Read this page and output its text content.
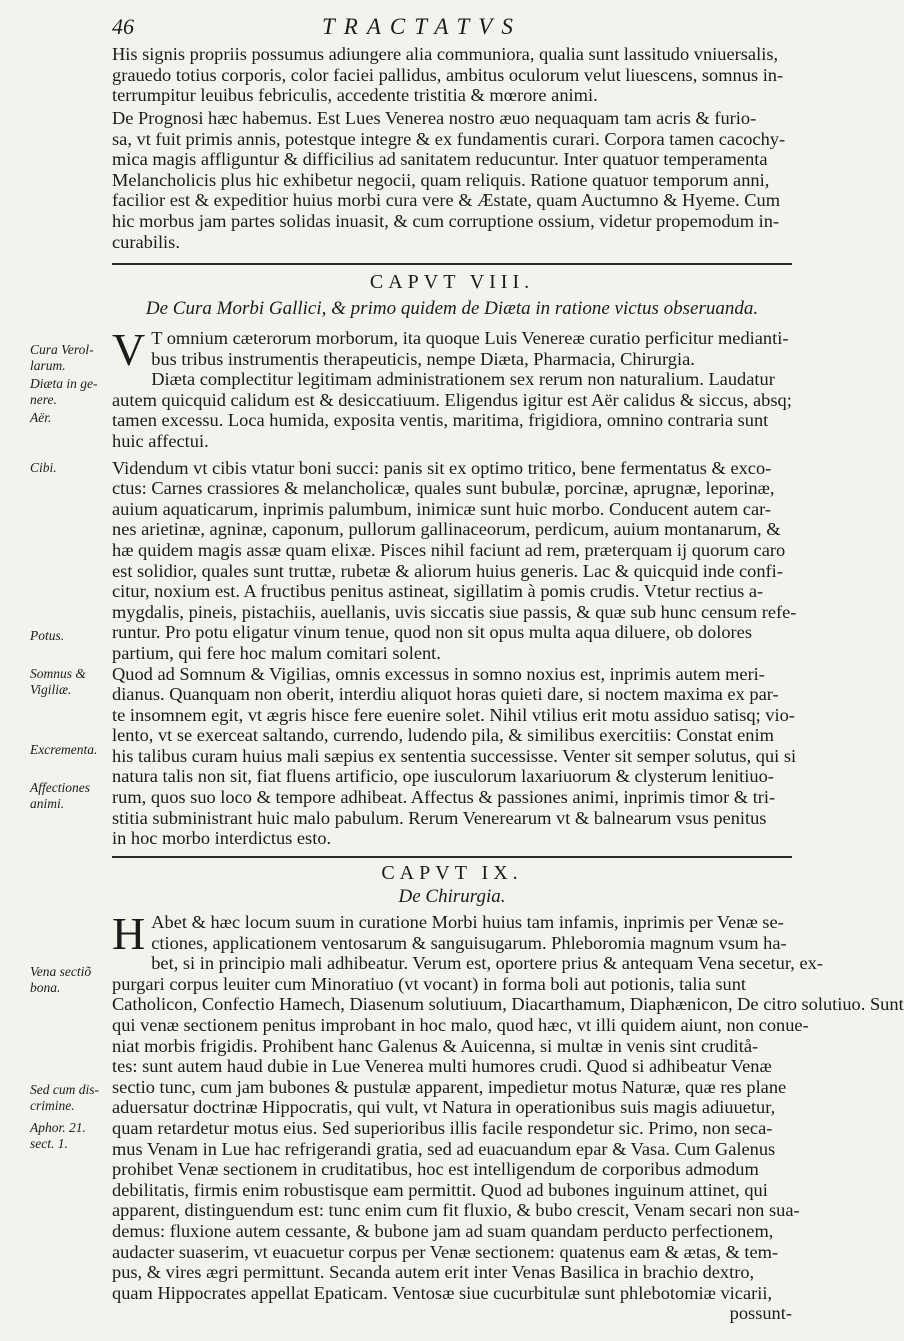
46	TRACTATVS
His signis propriis possumus adiungere alia communiora, qualia sunt lassitudo vniuersalis,
grauedo totius corporis, color faciei pallidus, ambitus oculorum velut liuescens, somnus in-
terrumpitur leuibus febriculis, accedente tristitia & mœrore animi.
De Prognosi hæc habemus. Est Lues Venerea nostro æuo nequaquam tam acris & furio-
sa, vt fuit primis annis, potestque integre & ex fundamentis curari. Corpora tamen cacochy-
mica magis affliguntur & difficilius ad sanitatem reducuntur. Inter quatuor temperamenta
Melancholicis plus hic exhibetur negocii, quam reliquis. Ratione quatuor temporum anni,
facilior est & expeditior huius morbi cura vere & Æstate, quam Auctumno & Hyeme. Cum
hic morbus jam partes solidas inuasit, & cum corruptione ossium, videtur propemodum in-
curabilis.
CAPVT VIII.
De Cura Morbi Gallici, & primo quidem de Diæta in ratione victus obseruanda.
V T omnium cæterorum morborum, ita quoque Luis Venereæ curatio perficitur medianti-
bus tribus instrumentis therapeuticis, nempe Diæta, Pharmacia, Chirurgia.
Diæta complectitur legitimam administrationem sex rerum non naturalium. Laudatur
autem quicquid calidum est & desiccatiuum. Eligendus igitur est Aër calidus & siccus, absq;
tamen excessu. Loca humida, exposita ventis, maritima, frigidiora, omnino contraria sunt
huic affectui.
Videndum vt cibis vtatur boni succi: panis sit ex optimo tritico, bene fermentatus & exco-
ctus: Carnes crassiores & melancholicæ, quales sunt bubulæ, porcinæ, aprugnæ, leporinæ,
auium aquaticarum, inprimis palumbum, inimicæ sunt huic morbo. Conducent autem car-
nes arietinæ, agninæ, caponum, pullorum gallinaceorum, perdicum, auium montanarum, &
hæ quidem magis assæ quam elixæ. Pisces nihil faciunt ad rem, præterquam ij quorum caro
est solidior, quales sunt truttæ, rubetæ & aliorum huius generis. Lac & quicquid inde confi-
citur, noxium est. A fructibus penitus astineat, sigillatim à pomis crudis. Vtetur rectius a-
mygdalis, pineis, pistachiis, auellanis, uvis siccatis siue passis, & quæ sub hunc censum refe-
runtur. Pro potu eligatur vinum tenue, quod non sit opus multa aqua diluere, ob dolores
partium, qui fere hoc malum comitari solent.
Quod ad Somnum & Vigilias, omnis excessus in somno noxius est, inprimis autem meri-
dianus. Quanquam non oberit, interdiu aliquot horas quieti dare, si noctem maxima ex par-
te insomnem egit, vt ægris hisce fere euenire solet. Nihil vtilius erit motu assiduo satisq; vio-
lento, vt se exerceat saltando, currendo, ludendo pila, & similibus exercitiis: Constat enim
his talibus curam huius mali sæpius ex sententia successisse. Venter sit semper solutus, qui si
natura talis non sit, fiat fluens artificio, ope iusculorum laxariuorum & clysterum lenitiuo-
rum, quos suo loco & tempore adhibeat. Affectus & passiones animi, inprimis timor & tri-
stitia subministrant huic malo pabulum. Rerum Venerearum vt & balnearum vsus penitus
in hoc morbo interdictus esto.
CAPVT IX.
De Chirurgia.
H Abet & hæc locum suum in curatione Morbi huius tam infamis, inprimis per Venæ se-
ctiones, applicationem ventosarum & sanguisugarum. Phleboromia magnum vsum ha-
bet, si in principio mali adhibeatur. Verum est, oportere prius & antequam Vena secetur, ex-
purgari corpus leuiter cum Minoratiuo (vt vocant) in forma boli aut potionis, talia sunt
Catholicon, Confectio Hamech, Diasenum solutiuum, Diacarthamum, Diaphænicon, De citro solutiuo. Sunt
qui venæ sectionem penitus improbant in hoc malo, quod hæc, vt illi quidem aiunt, non conue-
niat morbis frigidis. Prohibent hanc Galenus & Auicenna, si multæ in venis sint cruditå-
tes: sunt autem haud dubie in Lue Venerea multi humores crudi. Quod si adhibeatur Venæ
sectio tunc, cum jam bubones & pustulæ apparent, impedietur motus Naturæ, quæ res plane
aduersatur doctrinæ Hippocratis, qui vult, vt Natura in operationibus suis magis adiuuetur,
quam retardetur motus eius. Sed superioribus illis facile respondetur sic. Primo, non seca-
mus Venam in Lue hac refrigerandi gratia, sed ad euacuandum epar & Vasa. Cum Galenus
prohibet Venæ sectionem in cruditatibus, hoc est intelligendum de corporibus admodum
debilitatis, firmis enim robustisque eam permittit. Quod ad bubones inguinum attinet, qui
apparent, distinguendum est: tunc enim cum fit fluxio, & bubo crescit, Venam secari non sua-
demus: fluxione autem cessante, & bubone jam ad suam quandam perducto perfectionem,
audacter suaserim, vt euacuetur corpus per Venæ sectionem: quatenus eam & ætas, & tem-
pus, & vires ægri permittunt. Secanda autem erit inter Venas Basilica in brachio dextro,
quam Hippocrates appellat Epaticam. Ventosæ siue cucurbitulæ sunt phlebotomiæ vicarii,
possunt-
Cura Verol-larum.
Diæta in ge-nere.
Aër.
Cibi.
Potus.
Somnus & Vigiliæ.
Excrementa.
Affectiones animi.
Vena sectiõ bona.
Sed cum dis-crimine.
Aphor. 21. sect. 1.
